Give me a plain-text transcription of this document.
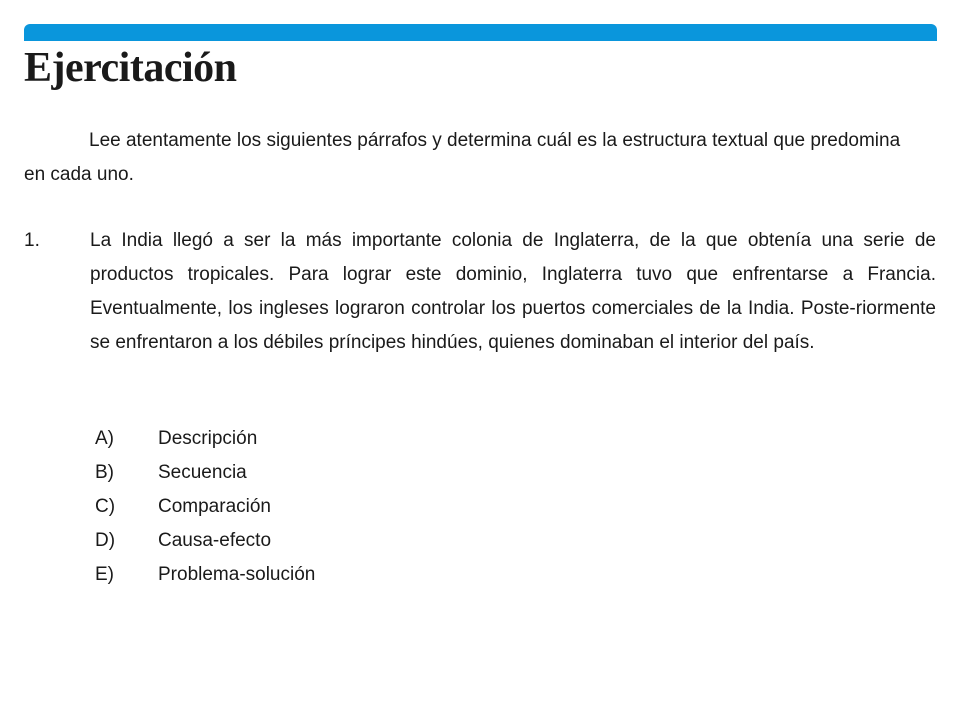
Ejercitación

Lee atentamente los siguientes párrafos y determina cuál es la estructura textual que predomina en cada uno.

1.	La India llegó a ser la más importante colonia de Inglaterra, de la que obtenía una serie de productos tropicales. Para lograr este dominio, Inglaterra tuvo que enfrentarse a Francia. Eventualmente, los ingleses lograron controlar los puertos comerciales de la India. Poste-riormente se enfrentaron a los débiles príncipes hindúes, quienes dominaban el interior del país.

A) Descripción
B) Secuencia
C) Comparación
D) Causa-efecto
E) Problema-solución
